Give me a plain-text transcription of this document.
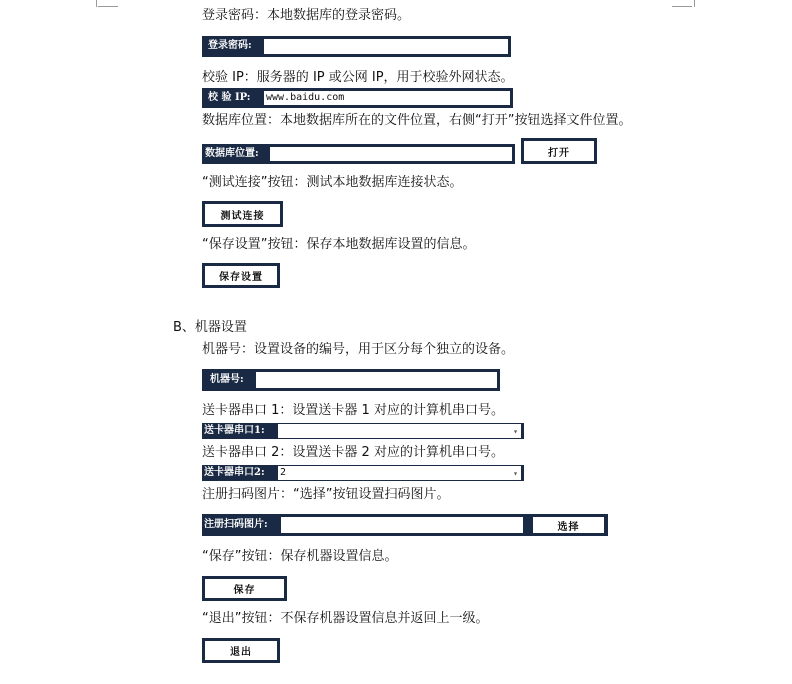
登录密码：本地数据库的登录密码。
登录密码:
校验 IP：服务器的 IP 或公网 IP，用于校验外网状态。
校 验 IP: www.baidu.com
数据库位置：本地数据库所在的文件位置，右侧“打开”按钮选择文件位置。
数据库位置:	打开
“测试连接”按钮：测试本地数据库连接状态。
测试连接
“保存设置”按钮：保存本地数据库设置的信息。
保存设置
B、机器设置
机器号：设置设备的编号，用于区分每个独立的设备。
机器号:
送卡器串口 1：设置送卡器 1 对应的计算机串口号。
送卡器串口1:	▾
送卡器串口 2：设置送卡器 2 对应的计算机串口号。
送卡器串口2: 2	▾
注册扫码图片：“选择”按钮设置扫码图片。
注册扫码图片:	选择
“保存”按钮：保存机器设置信息。
保存
“退出”按钮：不保存机器设置信息并返回上一级。
退出
